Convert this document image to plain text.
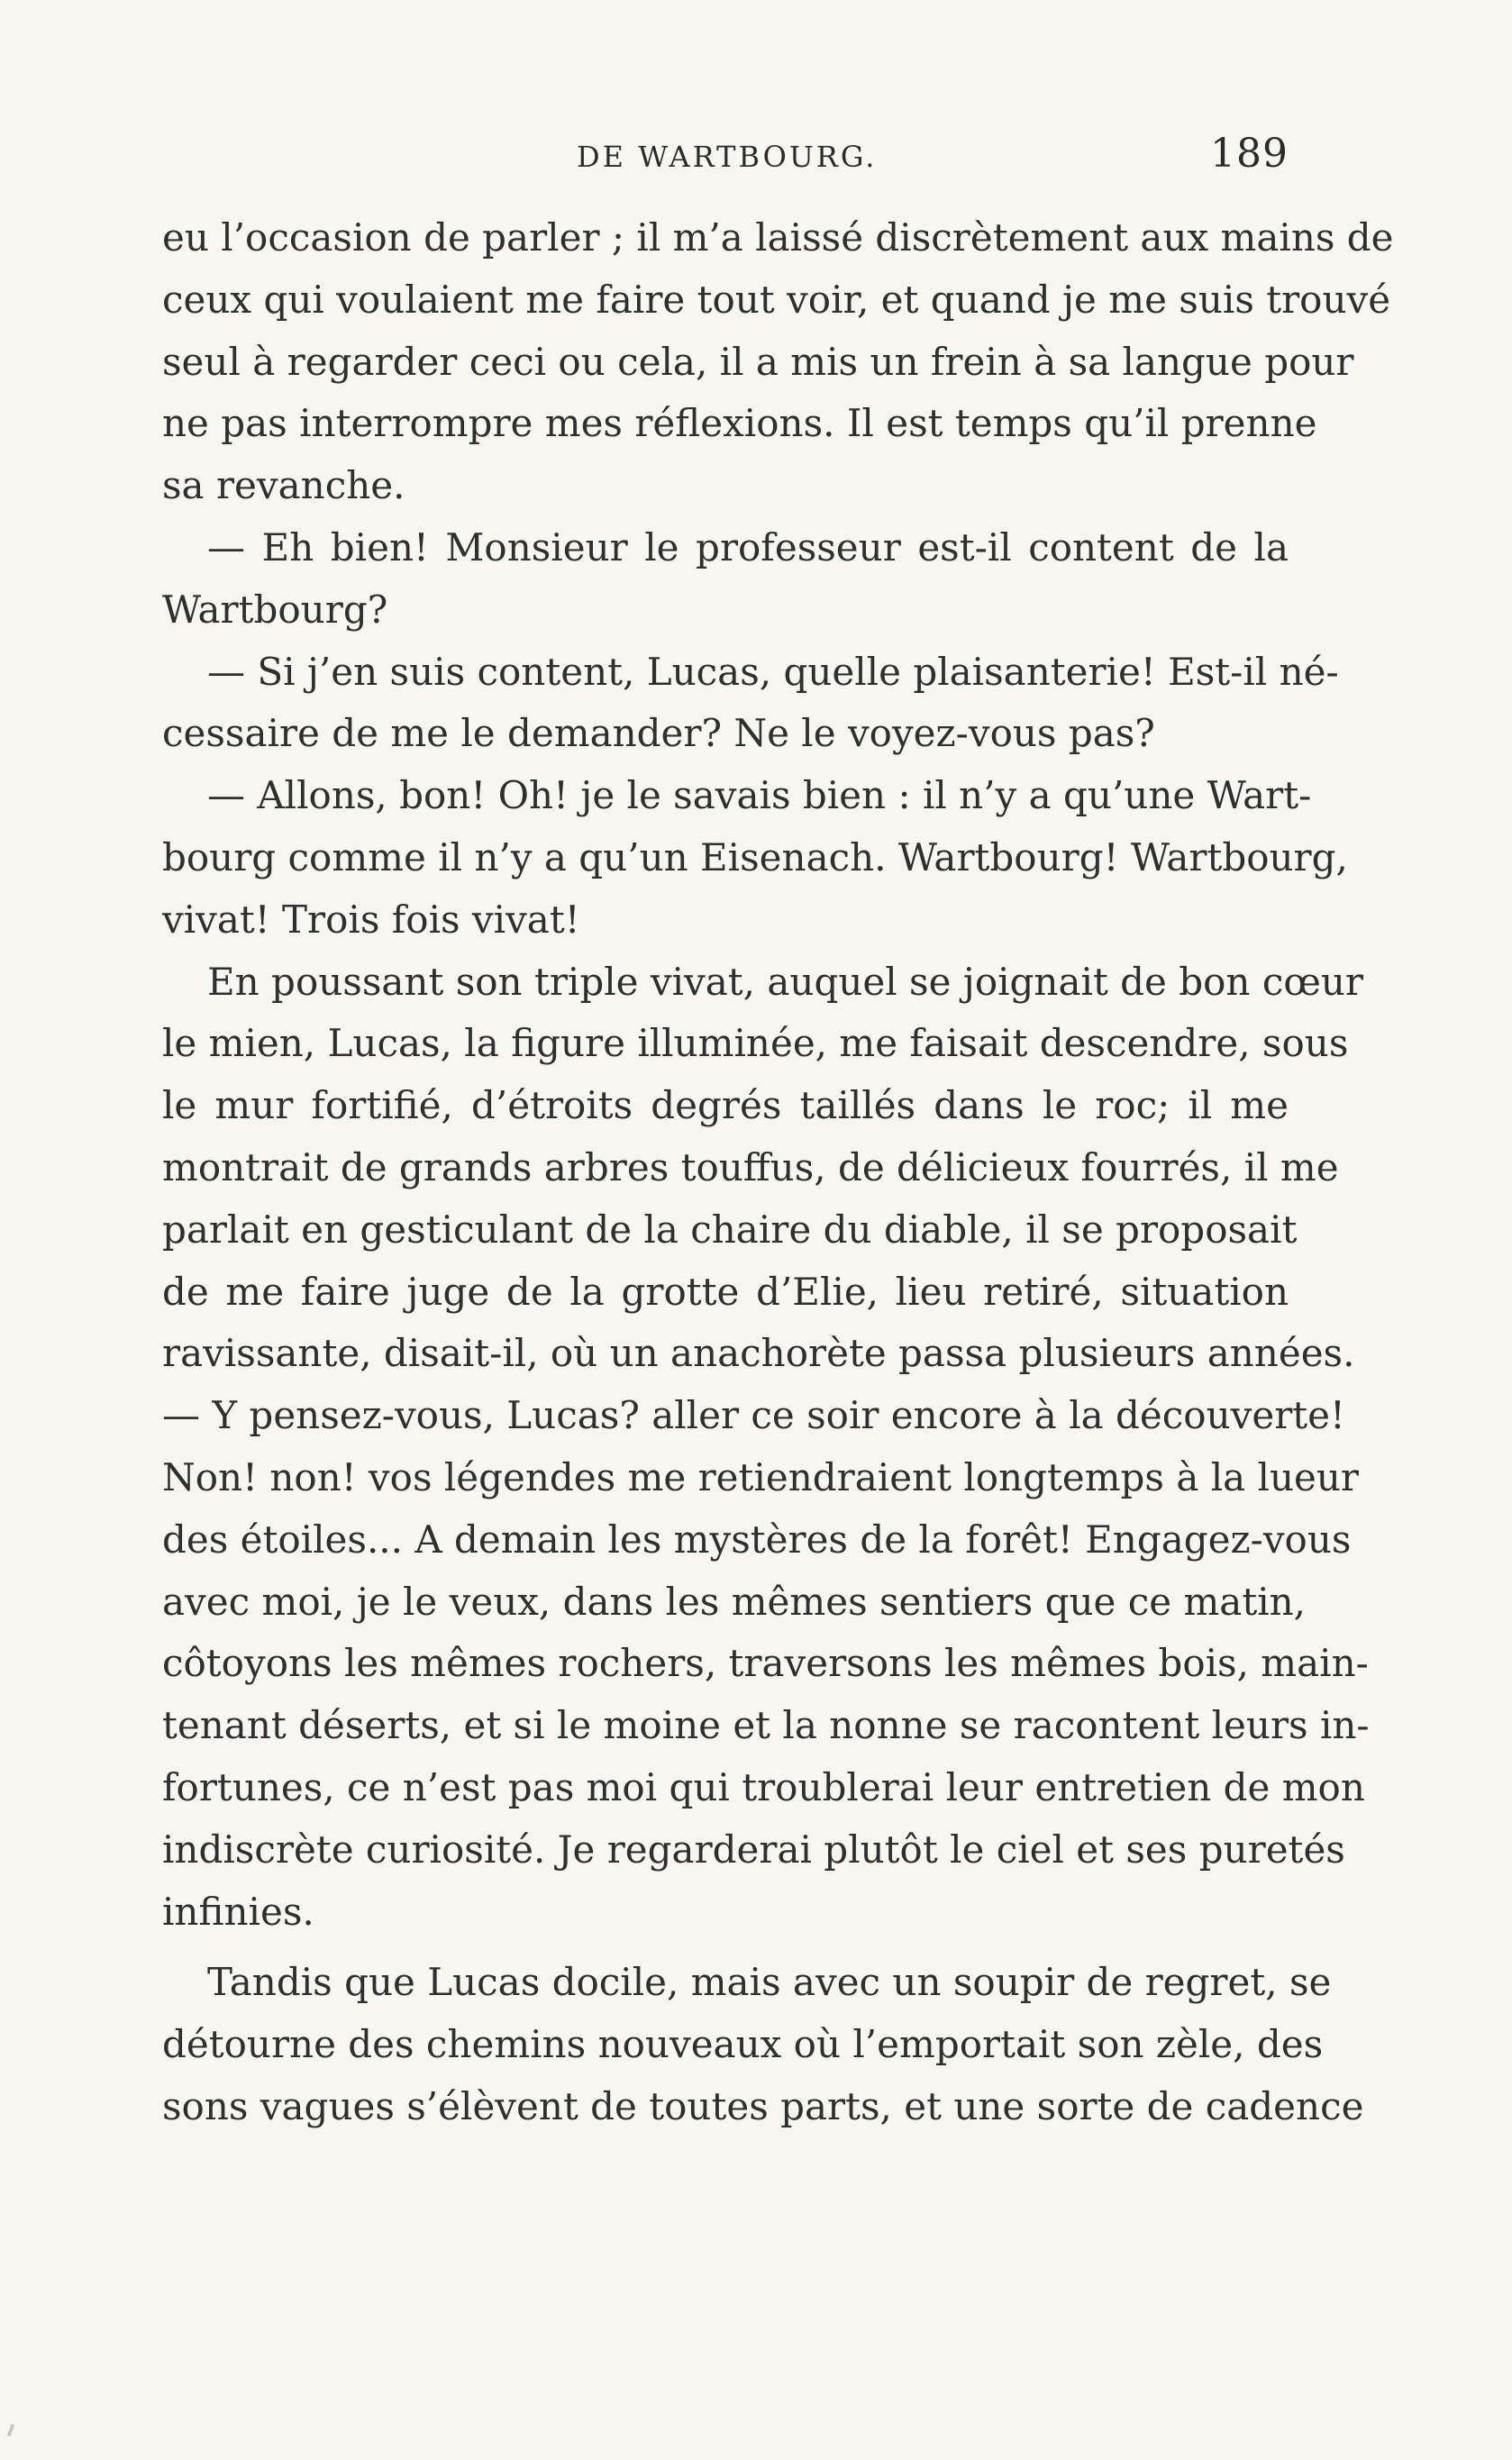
DE WARTBOURG.	189
eu l’occasion de parler ; il m’a laissé discrètement aux mains de
ceux qui voulaient me faire tout voir, et quand je me suis trouvé
seul à regarder ceci ou cela, il a mis un frein à sa langue pour
ne pas interrompre mes réflexions. Il est temps qu’il prenne
sa revanche.
— Eh bien! Monsieur le professeur est-il content de la
Wartbourg?
— Si j’en suis content, Lucas, quelle plaisanterie! Est-il né-
cessaire de me le demander? Ne le voyez-vous pas?
— Allons, bon! Oh! je le savais bien : il n’y a qu’une Wart-
bourg comme il n’y a qu’un Eisenach. Wartbourg! Wartbourg,
vivat! Trois fois vivat!
En poussant son triple vivat, auquel se joignait de bon cœur
le mien, Lucas, la figure illuminée, me faisait descendre, sous
le mur fortifié, d’étroits degrés taillés dans le roc; il me
montrait de grands arbres touffus, de délicieux fourrés, il me
parlait en gesticulant de la chaire du diable, il se proposait
de me faire juge de la grotte d’Elie, lieu retiré, situation
ravissante, disait-il, où un anachorète passa plusieurs années.
— Y pensez-vous, Lucas? aller ce soir encore à la découverte!
Non! non! vos légendes me retiendraient longtemps à la lueur
des étoiles... A demain les mystères de la forêt! Engagez-vous
avec moi, je le veux, dans les mêmes sentiers que ce matin,
côtoyons les mêmes rochers, traversons les mêmes bois, main-
tenant déserts, et si le moine et la nonne se racontent leurs in-
fortunes, ce n’est pas moi qui troublerai leur entretien de mon
indiscrète curiosité. Je regarderai plutôt le ciel et ses puretés
infinies.
Tandis que Lucas docile, mais avec un soupir de regret, se
détourne des chemins nouveaux où l’emportait son zèle, des
sons vagues s’élèvent de toutes parts, et une sorte de cadence
